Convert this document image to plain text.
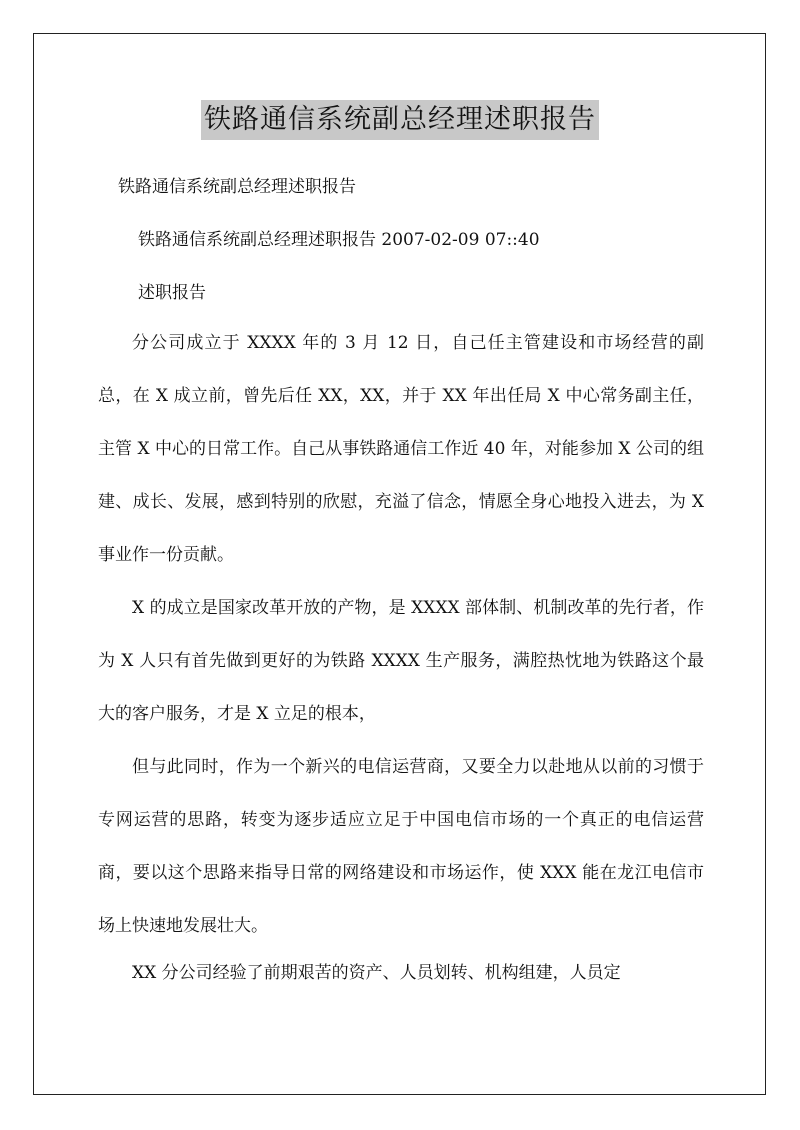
铁路通信系统副总经理述职报告

铁路通信系统副总经理述职报告

铁路通信系统副总经理述职报告 2007-02-09 07::40

述职报告

分公司成立于 XXXX 年的 3 月 12 日，自己任主管建设和市场经营的副总，在 X 成立前，曾先后任 XX，XX，并于 XX 年出任局 X 中心常务副主任，主管 X 中心的日常工作。自己从事铁路通信工作近 40 年，对能参加 X 公司的组建、成长、发展，感到特别的欣慰，充溢了信念，情愿全身心地投入进去，为 X 事业作一份贡献。

X 的成立是国家改革开放的产物，是 XXXX 部体制、机制改革的先行者，作为 X 人只有首先做到更好的为铁路 XXXX 生产服务，满腔热忱地为铁路这个最大的客户服务，才是 X 立足的根本，

但与此同时，作为一个新兴的电信运营商，又要全力以赴地从以前的习惯于专网运营的思路，转变为逐步适应立足于中国电信市场的一个真正的电信运营商，要以这个思路来指导日常的网络建设和市场运作，使 XXX 能在龙江电信市场上快速地发展壮大。

XX 分公司经验了前期艰苦的资产、人员划转、机构组建，人员定
